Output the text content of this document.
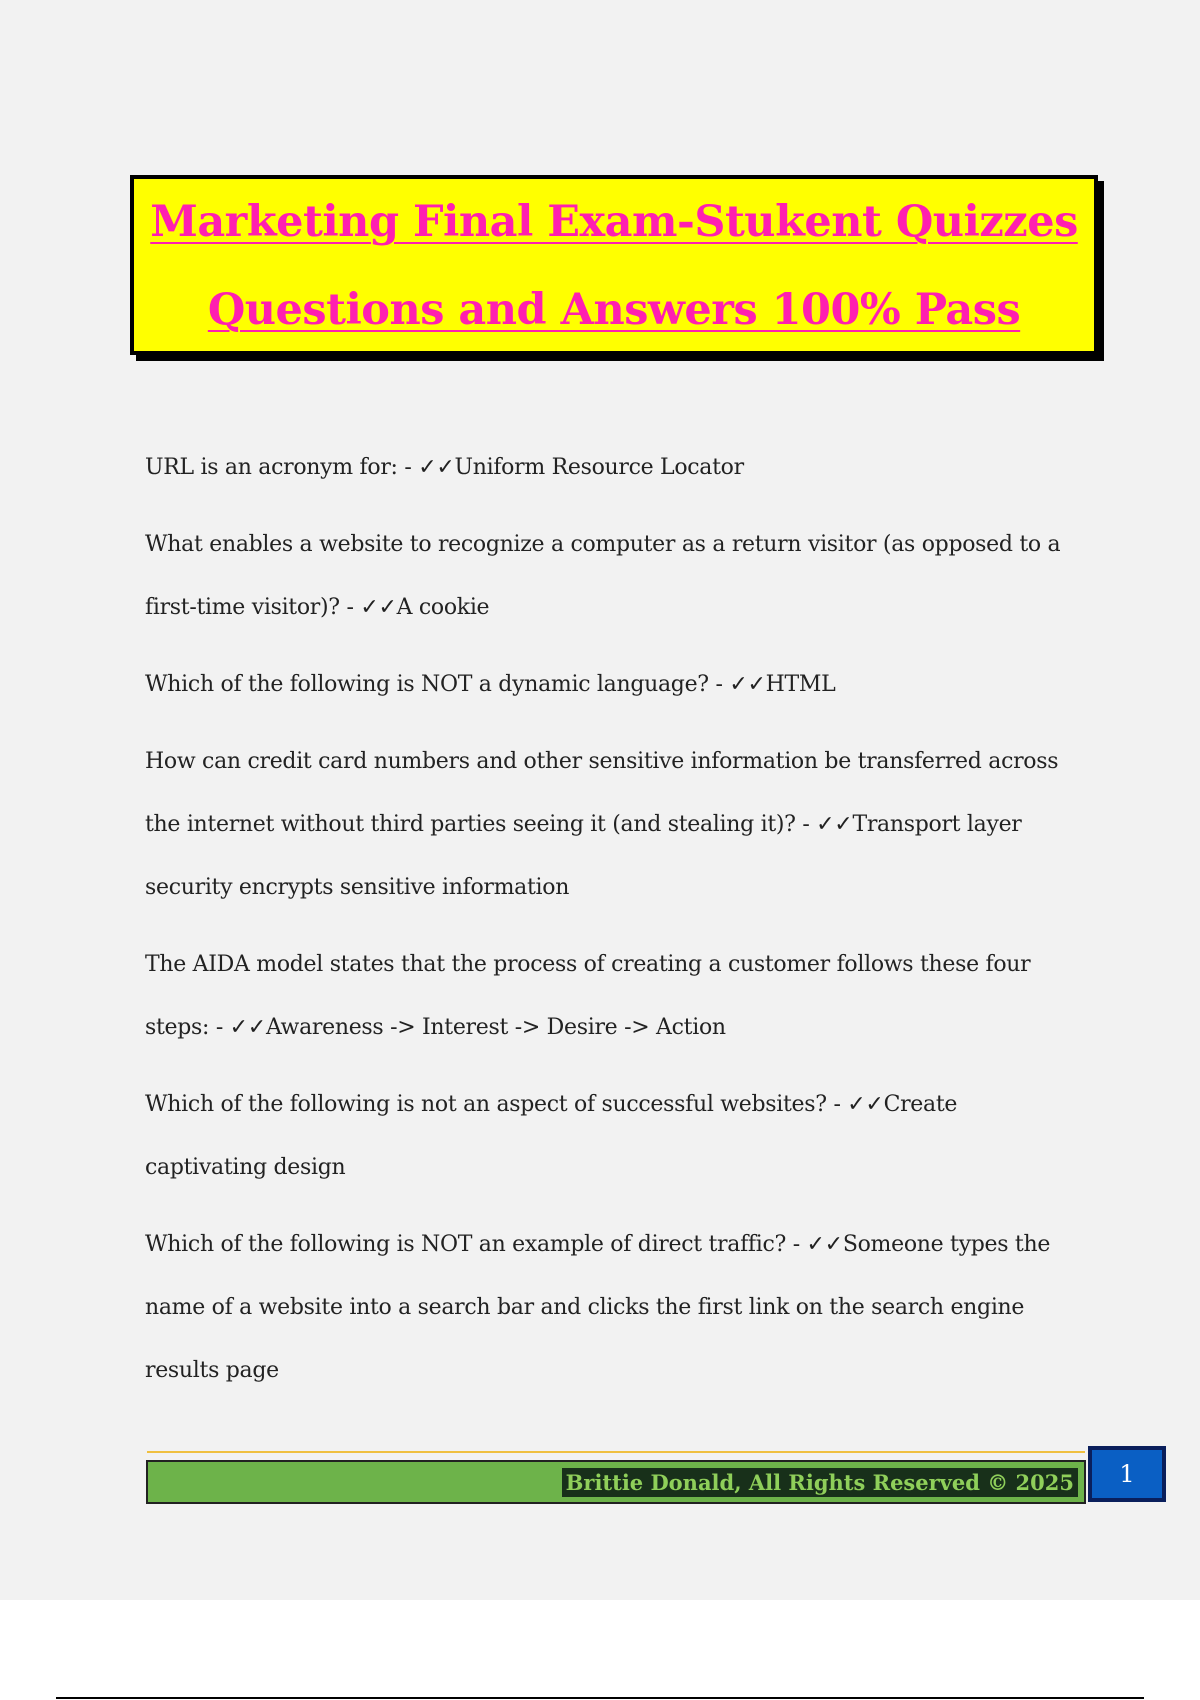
Marketing Final Exam-Stukent Quizzes
Questions and Answers 100% Pass

URL is an acronym for: - ✓✓Uniform Resource Locator

What enables a website to recognize a computer as a return visitor (as opposed to a first-time visitor)? - ✓✓A cookie

Which of the following is NOT a dynamic language? - ✓✓HTML

How can credit card numbers and other sensitive information be transferred across the internet without third parties seeing it (and stealing it)? - ✓✓Transport layer security encrypts sensitive information

The AIDA model states that the process of creating a customer follows these four steps: - ✓✓Awareness -> Interest -> Desire -> Action

Which of the following is not an aspect of successful websites? - ✓✓Create captivating design

Which of the following is NOT an example of direct traffic? - ✓✓Someone types the name of a website into a search bar and clicks the first link on the search engine results page

Brittie Donald, All Rights Reserved © 2025	1
